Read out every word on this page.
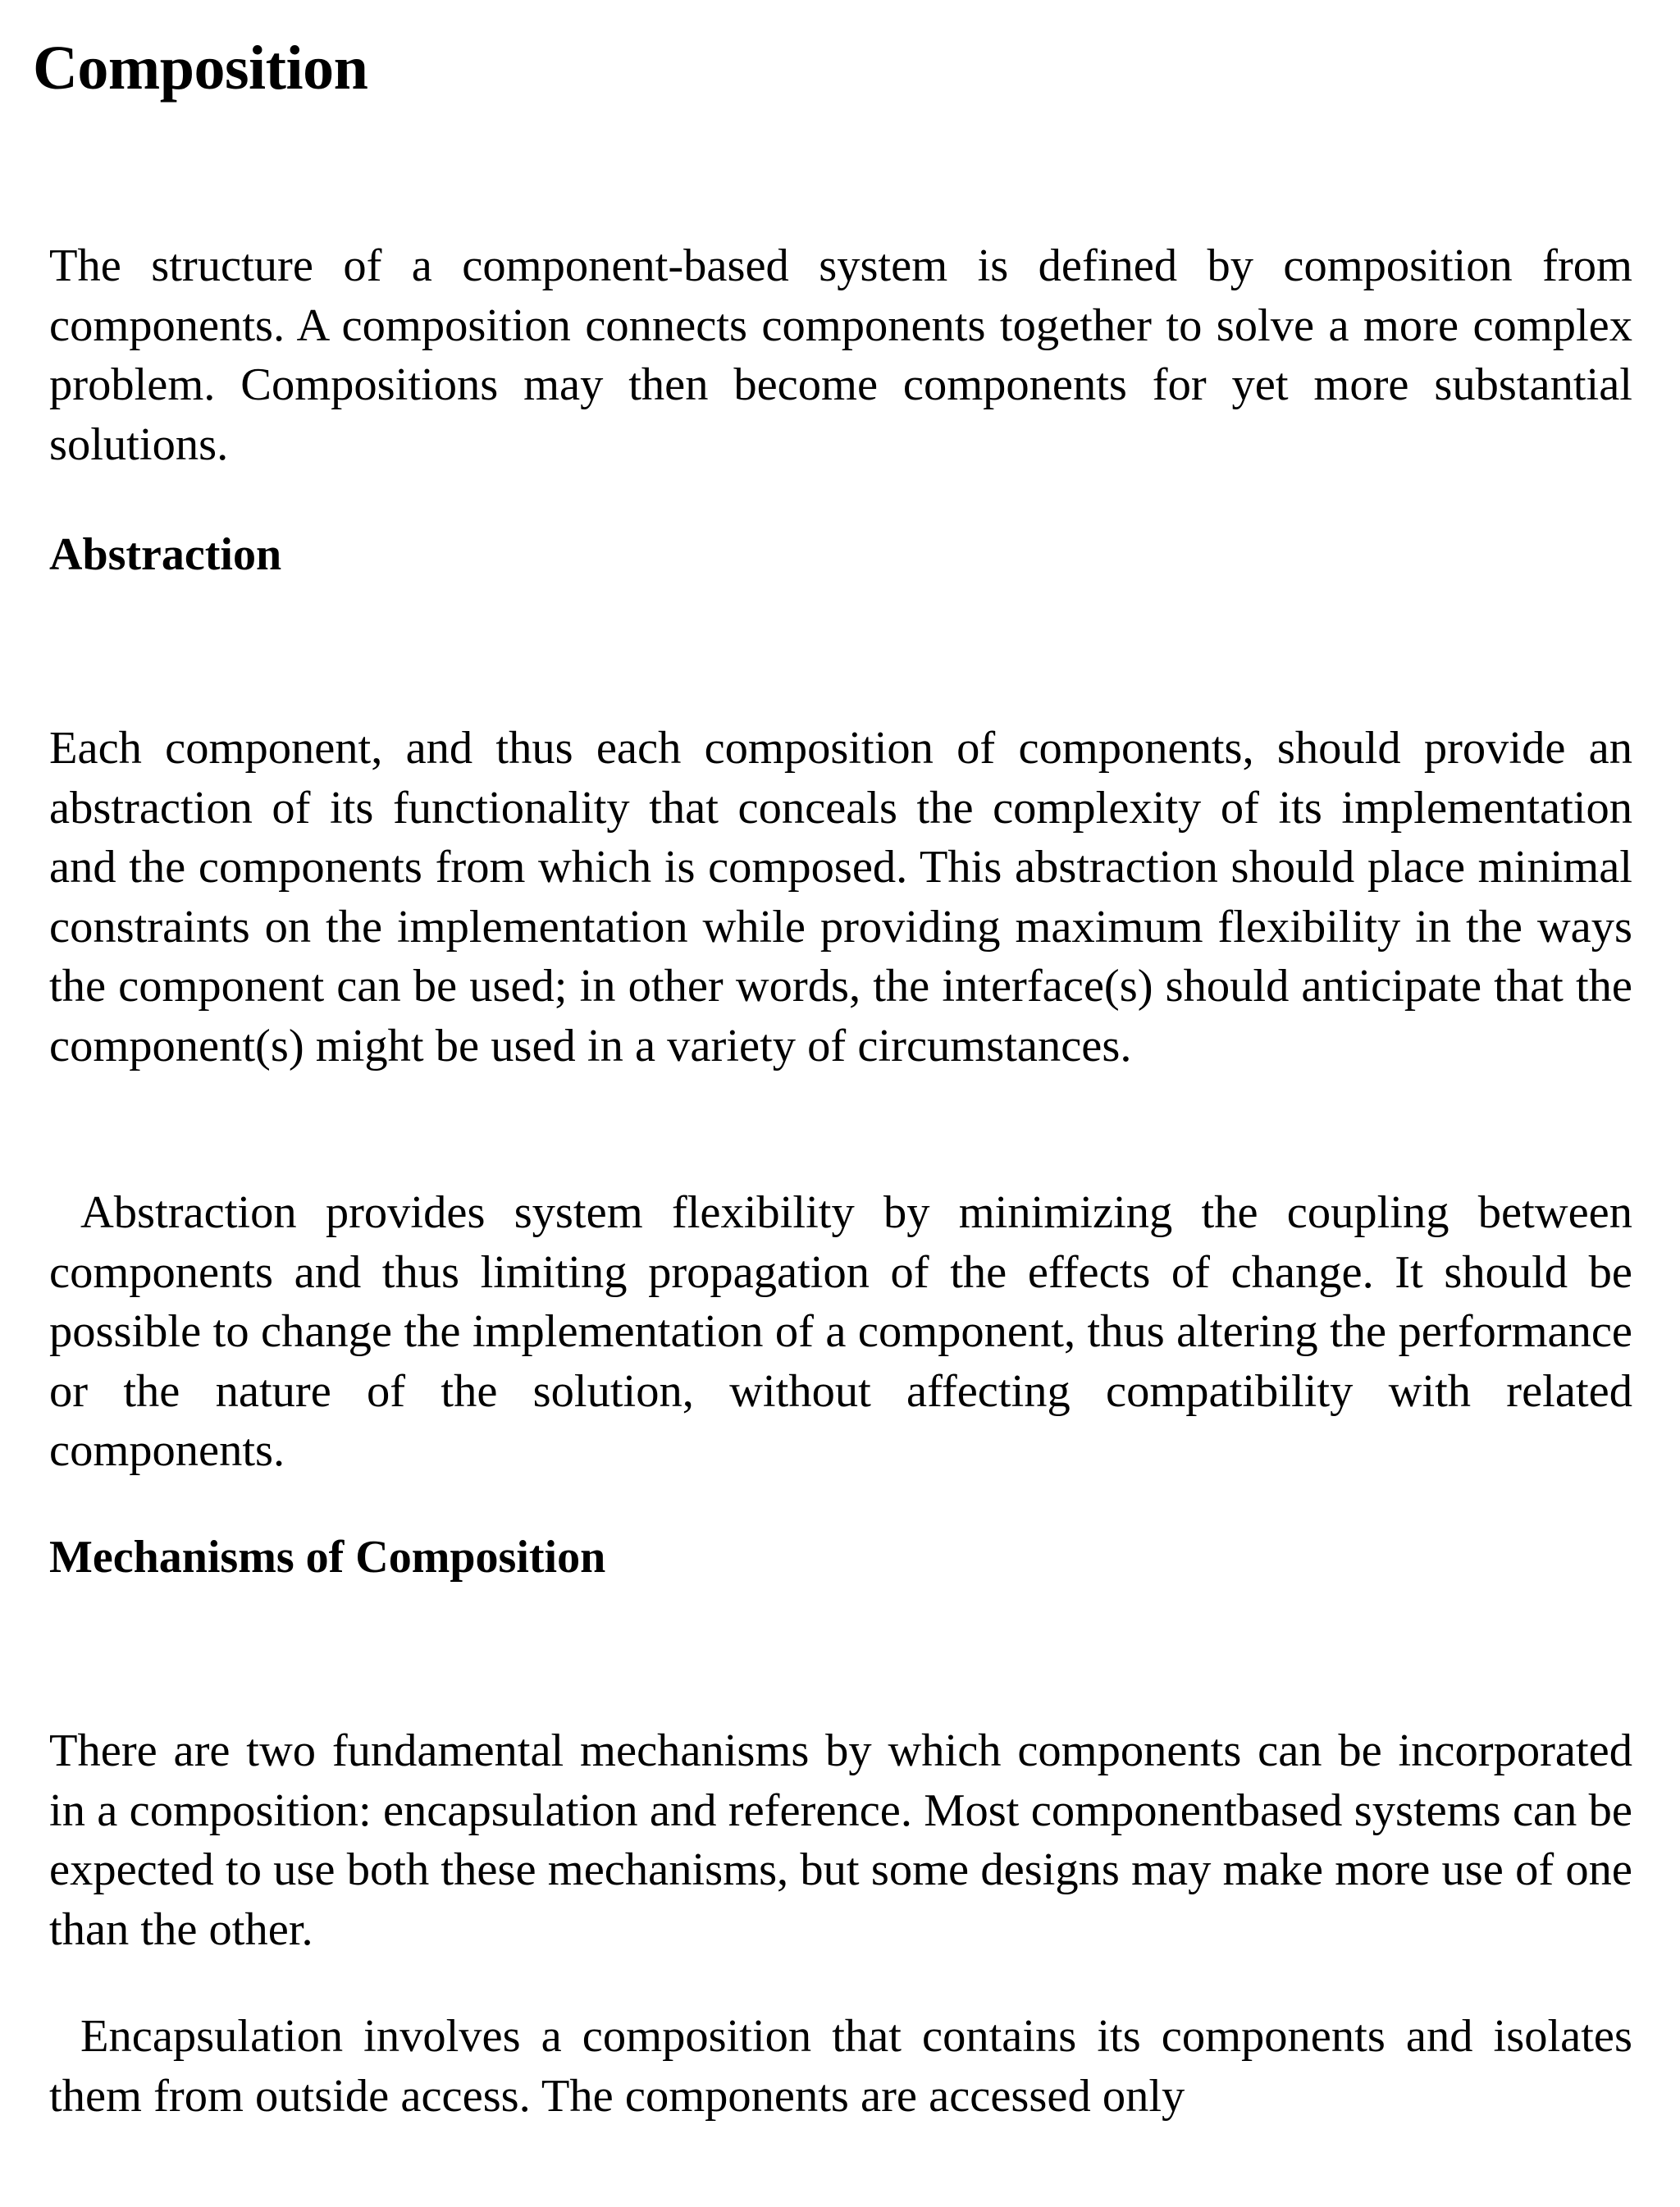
Composition

The structure of a component-based system is defined by composition from components. A composition connects components together to solve a more complex problem. Compositions may then become components for yet more substantial solutions.

Abstraction

Each component, and thus each composition of components, should provide an abstraction of its functionality that conceals the complexity of its implementation and the components from which is composed. This abstraction should place minimal constraints on the implementation while providing maximum flexibility in the ways the component can be used; in other words, the interface(s) should anticipate that the component(s) might be used in a variety of circumstances.

Abstraction provides system flexibility by minimizing the coupling between components and thus limiting propagation of the effects of change. It should be possible to change the implementation of a component, thus altering the performance or the nature of the solution, without affecting compatibility with related components.

Mechanisms of Composition

There are two fundamental mechanisms by which components can be incorporated in a composition: encapsulation and reference. Most componentbased systems can be expected to use both these mechanisms, but some designs may make more use of one than the other.

Encapsulation involves a composition that contains its components and isolates them from outside access. The components are accessed only
